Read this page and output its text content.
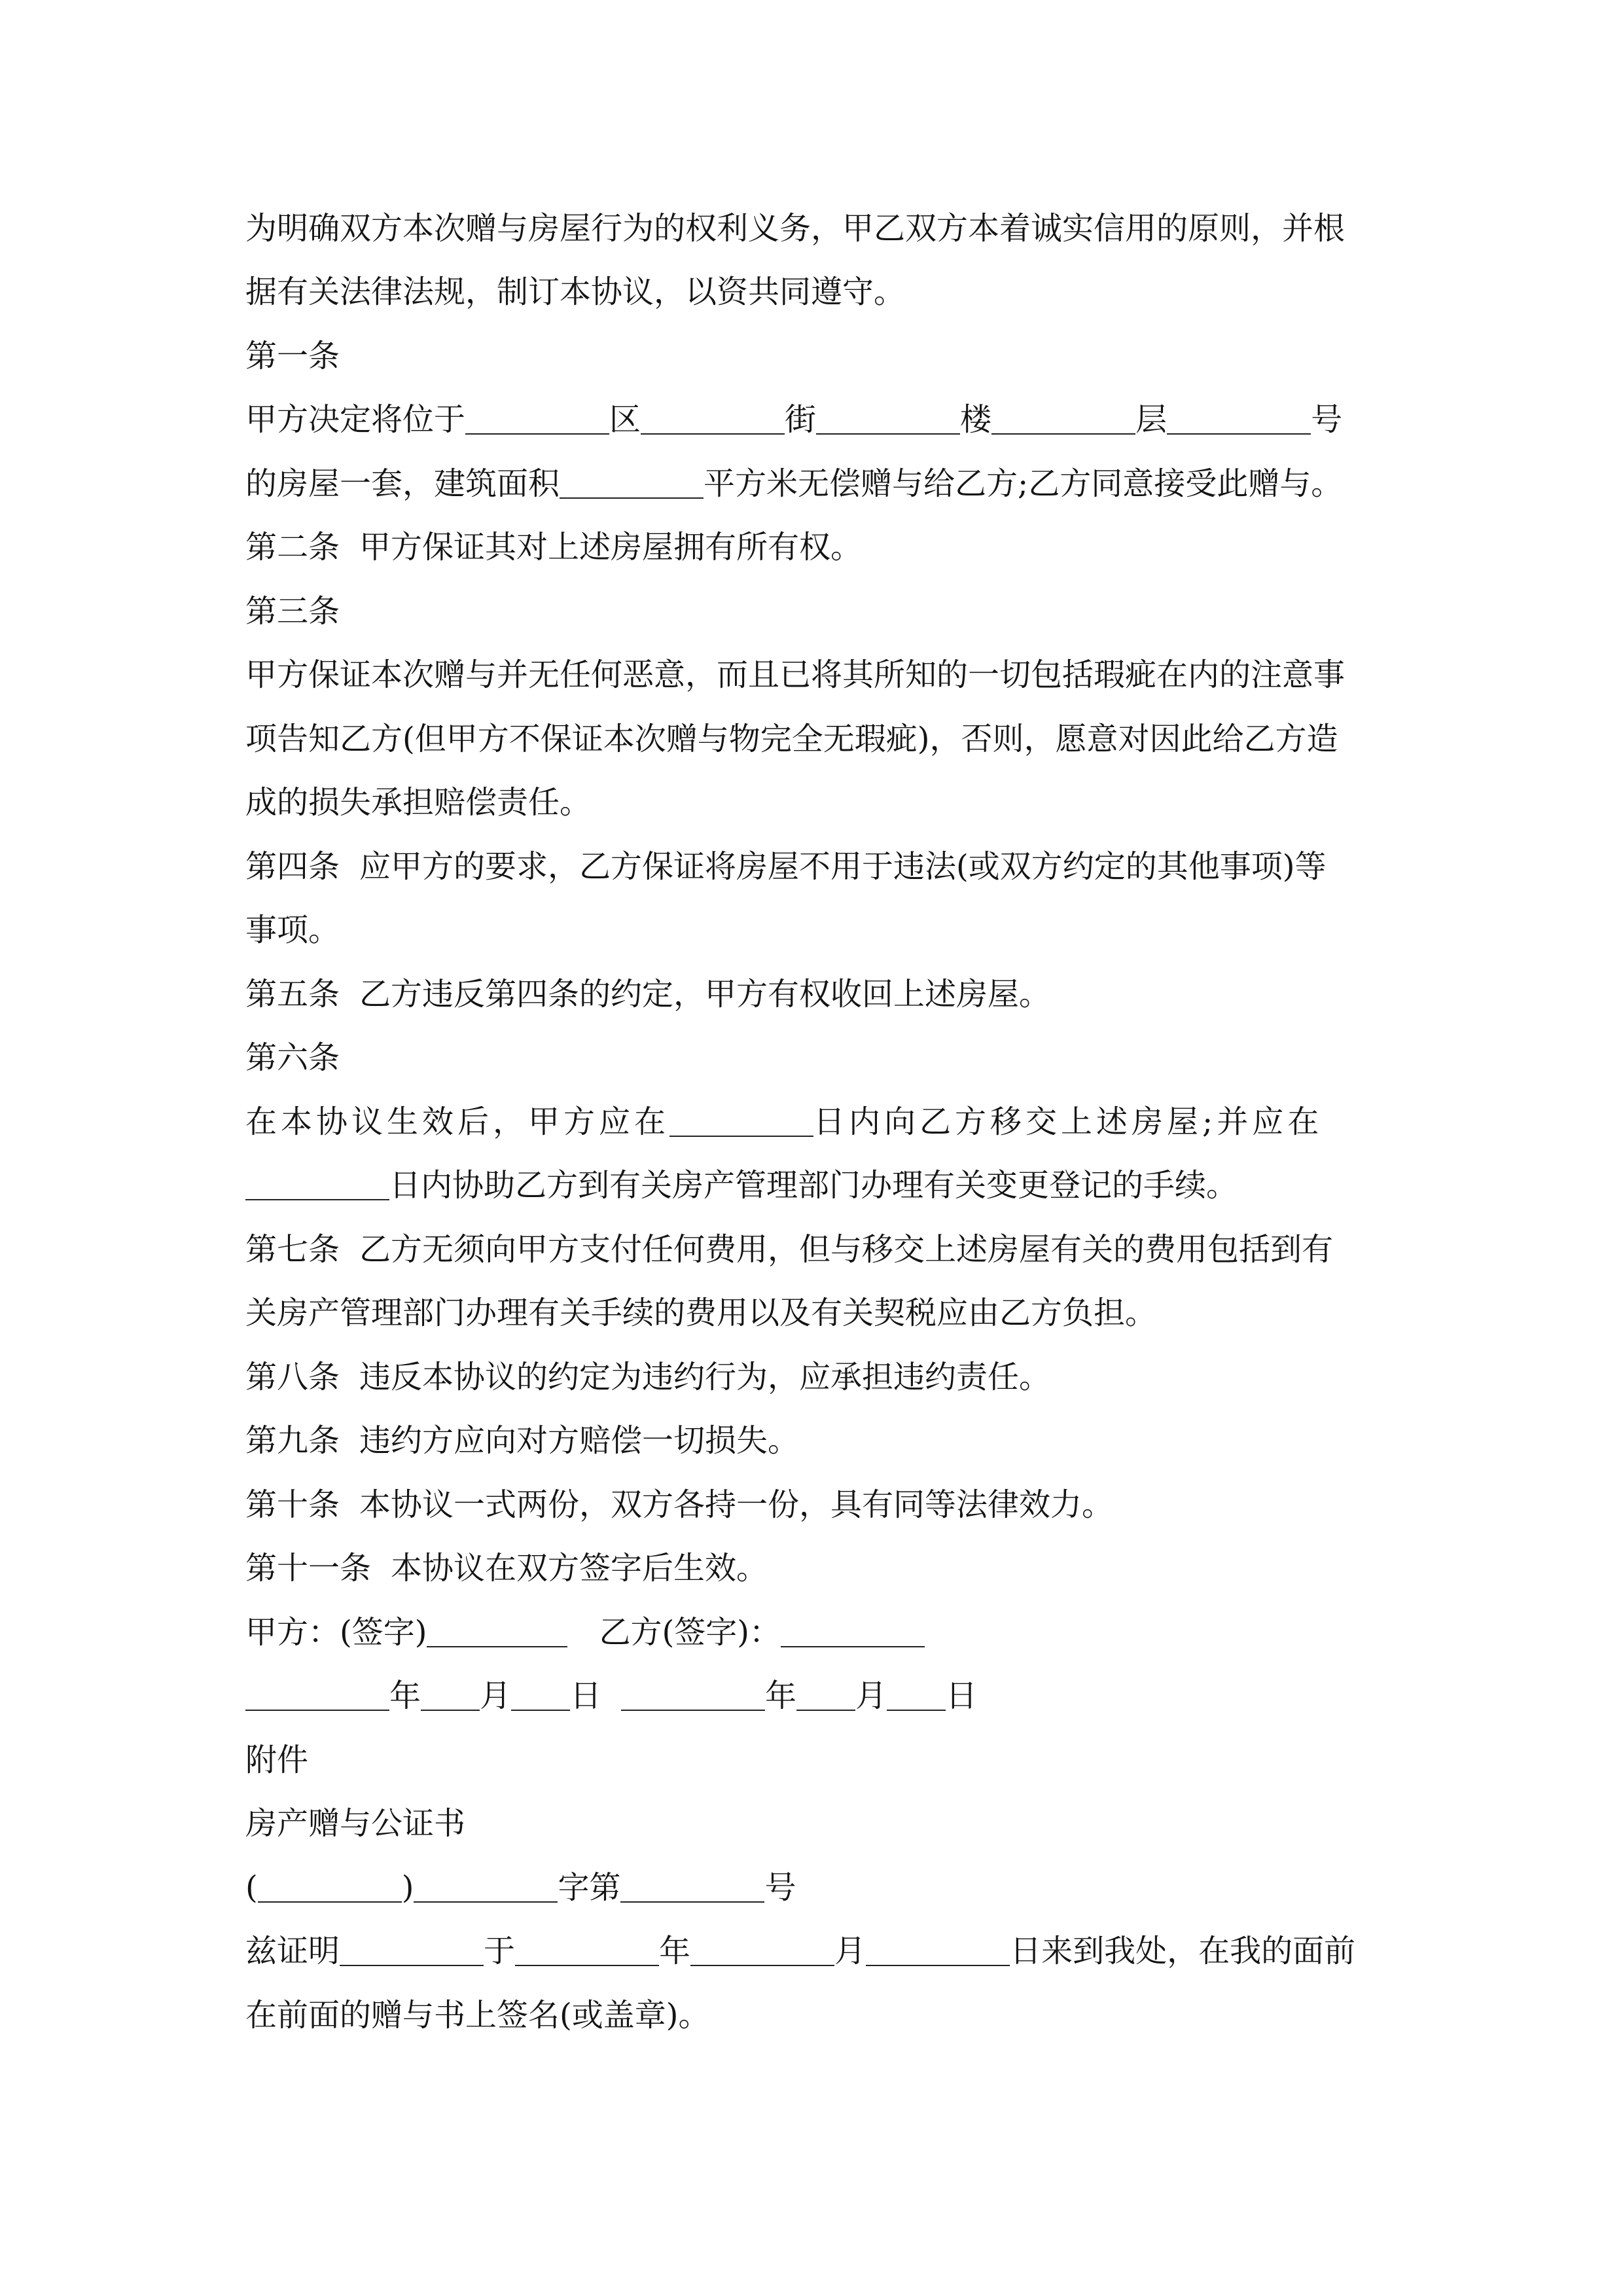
为明确双方本次赠与房屋行为的权利义务，甲乙双方本着诚实信用的原则，并根
据有关法律法规，制订本协议，以资共同遵守。
第一条
甲方决定将位于	区	街	楼	层	号
的房屋一套，建筑面积	平方米无偿赠与给乙方;乙方同意接受此赠与。
第二条 甲方保证其对上述房屋拥有所有权。
第三条
甲方保证本次赠与并无任何恶意，而且已将其所知的一切包括瑕疵在内的注意事
项告知乙方(但甲方不保证本次赠与物完全无瑕疵)，否则，愿意对因此给乙方造
成的损失承担赔偿责任。
第四条 应甲方的要求，乙方保证将房屋不用于违法(或双方约定的其他事项)等
事项。
第五条 乙方违反第四条的约定，甲方有权收回上述房屋。
第六条
在本协议生效后，甲方应在	日内向乙方移交上述房屋;并应在
日内协助乙方到有关房产管理部门办理有关变更登记的手续。
第七条 乙方无须向甲方支付任何费用，但与移交上述房屋有关的费用包括到有
关房产管理部门办理有关手续的费用以及有关契税应由乙方负担。
第八条 违反本协议的约定为违约行为，应承担违约责任。
第九条 违约方应向对方赔偿一切损失。
第十条 本协议一式两份，双方各持一份，具有同等法律效力。
第十一条 本协议在双方签字后生效。
甲方：(签字)	乙方(签字)：
年 月 日	年 月 日
附件
房产赠与公证书
(	)	字第	号
兹证明	于	年	月	日来到我处，在我的面前
在前面的赠与书上签名(或盖章)。
